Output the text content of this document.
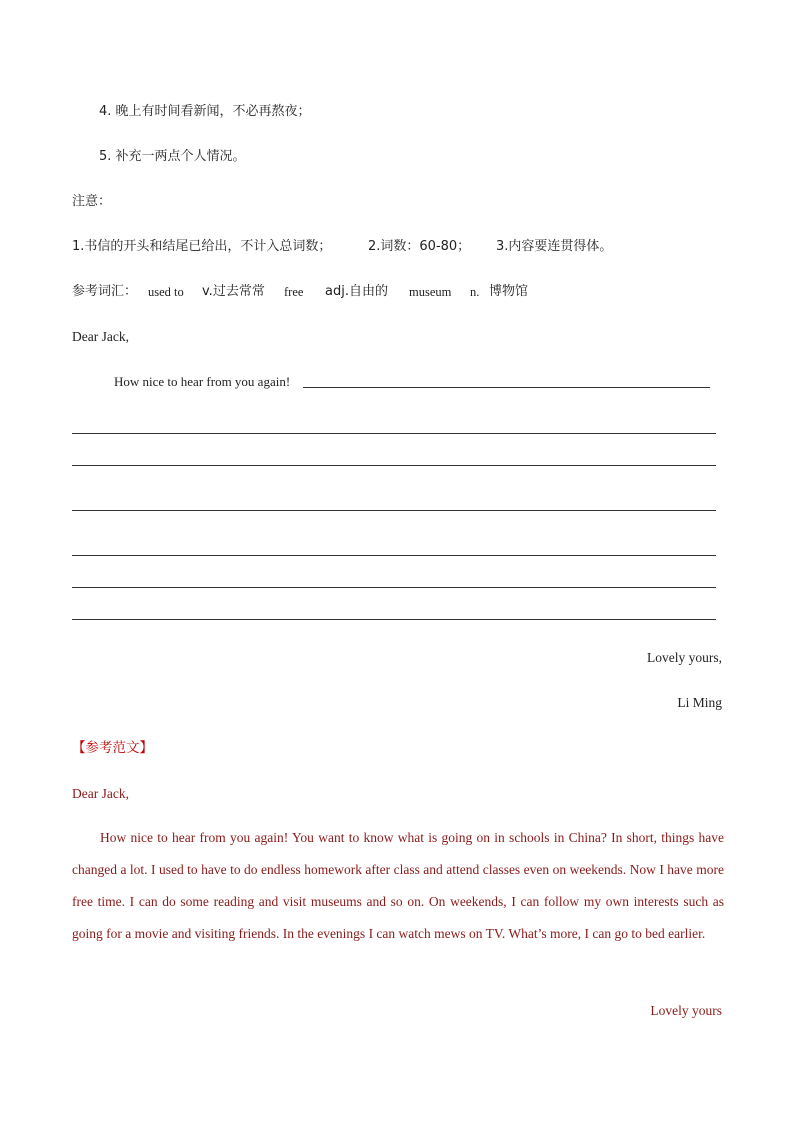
4. 晚上有时间看新闻，不必再熬夜；
5. 补充一两点个人情况。
注意：
1.书信的开头和结尾已给出，不计入总词数；	2.词数：60-80； 3.内容要连贯得体。
参考词汇： used to v.过去常常 free adj.自由的 museum n. 博物馆
Dear Jack,
How nice to hear from you again!
Lovely yours,
Li Ming
【参考范文】
Dear Jack,
How nice to hear from you again! You want to know what is going on in schools in China? In short, things have changed a lot. I used to have to do endless homework after class and attend classes even on weekends. Now I have more free time. I can do some reading and visit museums and so on. On weekends, I can follow my own interests such as going for a movie and visiting friends. In the evenings I can watch mews on TV. What’s more, I can go to bed earlier.
Lovely yours
